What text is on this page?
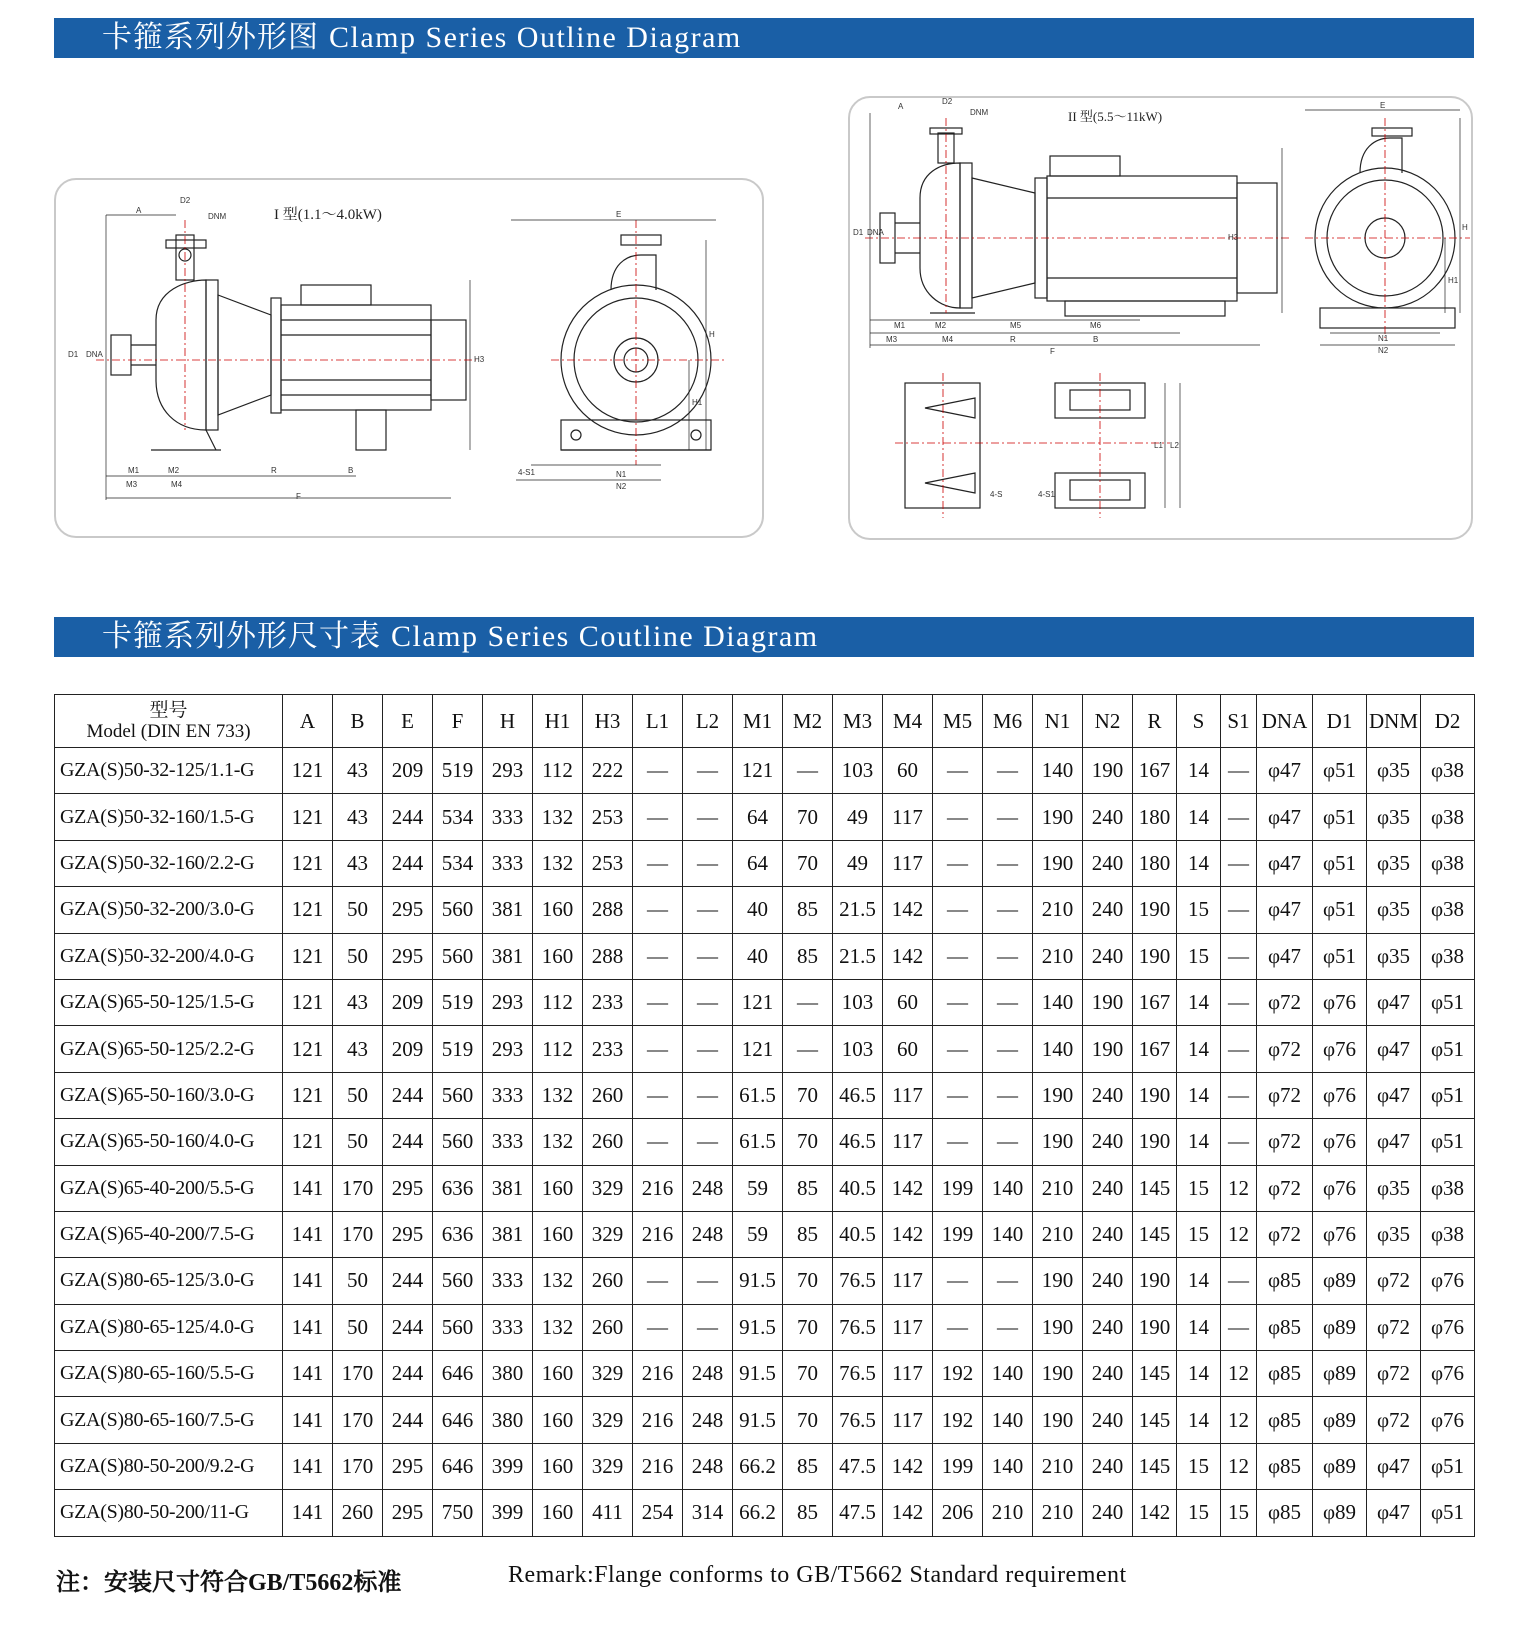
卡箍系列外形图 Clamp Series Outline Diagram
I 型(1.1～4.0kW)
A
D2
DNM
D1 DNA
H3
H
H1
E
M1	M2
M3	M4
R	B
F
4-S1	N1
N2
II 型(5.5～11kW)
A
D2
DNM
D1 DNA
L2
L1
H3
H
H1
E
M1	M2
M3	M4
M5	M6
R	B
F
N1
N2
4-S	4-S1
卡箍系列外形尺寸表 Clamp Series Coutline Diagram
型号
Model (DIN EN 733)	A	B	E	F	H	H1	H3	L1	L2	M1	M2	M3	M4	M5	M6	N1	N2	R	S	S1	DNA	D1	DNM	D2
GZA(S)50-32-125/1.1-G	121	43	209	519	293	112	222	—	—	121	—	103	60	—	—	140	190	167	14	—	φ47	φ51	φ35	φ38
GZA(S)50-32-160/1.5-G	121	43	244	534	333	132	253	—	—	64	70	49	117	—	—	190	240	180	14	—	φ47	φ51	φ35	φ38
GZA(S)50-32-160/2.2-G	121	43	244	534	333	132	253	—	—	64	70	49	117	—	—	190	240	180	14	—	φ47	φ51	φ35	φ38
GZA(S)50-32-200/3.0-G	121	50	295	560	381	160	288	—	—	40	85	21.5	142	—	—	210	240	190	15	—	φ47	φ51	φ35	φ38
GZA(S)50-32-200/4.0-G	121	50	295	560	381	160	288	—	—	40	85	21.5	142	—	—	210	240	190	15	—	φ47	φ51	φ35	φ38
GZA(S)65-50-125/1.5-G	121	43	209	519	293	112	233	—	—	121	—	103	60	—	—	140	190	167	14	—	φ72	φ76	φ47	φ51
GZA(S)65-50-125/2.2-G	121	43	209	519	293	112	233	—	—	121	—	103	60	—	—	140	190	167	14	—	φ72	φ76	φ47	φ51
GZA(S)65-50-160/3.0-G	121	50	244	560	333	132	260	—	—	61.5	70	46.5	117	—	—	190	240	190	14	—	φ72	φ76	φ47	φ51
GZA(S)65-50-160/4.0-G	121	50	244	560	333	132	260	—	—	61.5	70	46.5	117	—	—	190	240	190	14	—	φ72	φ76	φ47	φ51
GZA(S)65-40-200/5.5-G	141	170	295	636	381	160	329	216	248	59	85	40.5	142	199	140	210	240	145	15	12	φ72	φ76	φ35	φ38
GZA(S)65-40-200/7.5-G	141	170	295	636	381	160	329	216	248	59	85	40.5	142	199	140	210	240	145	15	12	φ72	φ76	φ35	φ38
GZA(S)80-65-125/3.0-G	141	50	244	560	333	132	260	—	—	91.5	70	76.5	117	—	—	190	240	190	14	—	φ85	φ89	φ72	φ76
GZA(S)80-65-125/4.0-G	141	50	244	560	333	132	260	—	—	91.5	70	76.5	117	—	—	190	240	190	14	—	φ85	φ89	φ72	φ76
GZA(S)80-65-160/5.5-G	141	170	244	646	380	160	329	216	248	91.5	70	76.5	117	192	140	190	240	145	14	12	φ85	φ89	φ72	φ76
GZA(S)80-65-160/7.5-G	141	170	244	646	380	160	329	216	248	91.5	70	76.5	117	192	140	190	240	145	14	12	φ85	φ89	φ72	φ76
GZA(S)80-50-200/9.2-G	141	170	295	646	399	160	329	216	248	66.2	85	47.5	142	199	140	210	240	145	15	12	φ85	φ89	φ47	φ51
GZA(S)80-50-200/11-G	141	260	295	750	399	160	411	254	314	66.2	85	47.5	142	206	210	210	240	142	15	15	φ85	φ89	φ47	φ51
注：安装尺寸符合GB/T5662标准	Remark:Flange conforms to GB/T5662 Standard requirement
